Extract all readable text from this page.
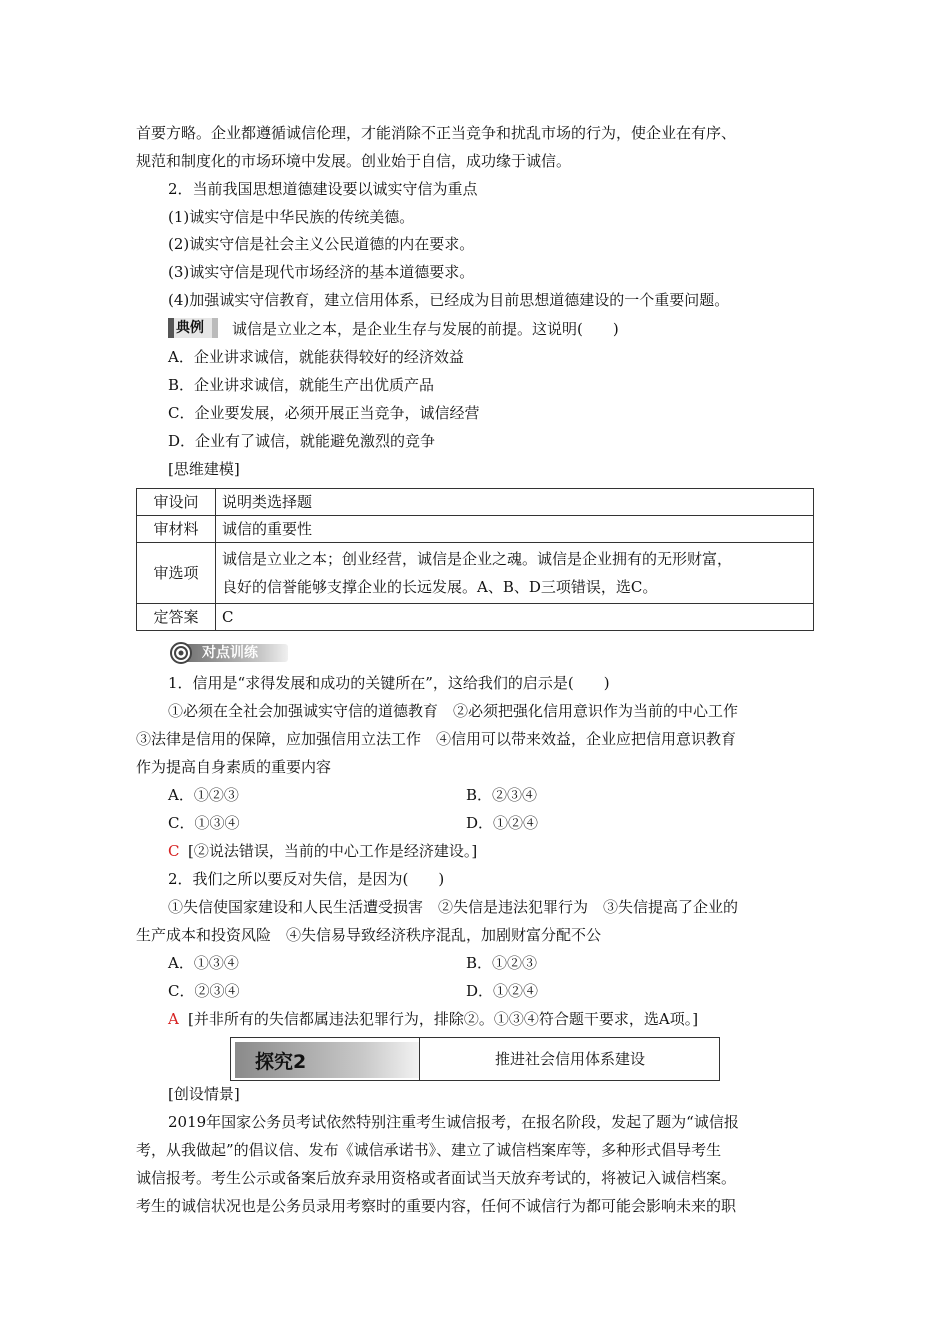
首要方略。企业都遵循诚信伦理，才能消除不正当竞争和扰乱市场的行为，使企业在有序、
规范和制度化的市场环境中发展。创业始于自信，成功缘于诚信。
2．当前我国思想道德建设要以诚实守信为重点
(1)诚实守信是中华民族的传统美德。
(2)诚实守信是社会主义公民道德的内在要求。
(3)诚实守信是现代市场经济的基本道德要求。
(4)加强诚实守信教育，建立信用体系，已经成为目前思想道德建设的一个重要问题。
典例 诚信是立业之本，是企业生存与发展的前提。这说明(　　)
A．企业讲求诚信，就能获得较好的经济效益
B．企业讲求诚信，就能生产出优质产品
C．企业要发展，必须开展正当竞争，诚信经营
D．企业有了诚信，就能避免激烈的竞争
[思维建模]
审设问	说明类选择题
审材料	诚信的重要性
审选项	诚信是立业之本；创业经营，诚信是企业之魂。诚信是企业拥有的无形财富，
良好的信誉能够支撑企业的长远发展。A、B、D三项错误，选C。

定答案	C
对点训练
1．信用是“求得发展和成功的关键所在”，这给我们的启示是(　　)
①必须在全社会加强诚实守信的道德教育　②必须把强化信用意识作为当前的中心工作
③法律是信用的保障，应加强信用立法工作　④信用可以带来效益，企业应把信用意识教育
作为提高自身素质的重要内容
A．①②③	B．②③④
C．①③④	D．①②④
C [②说法错误，当前的中心工作是经济建设。]
2．我们之所以要反对失信，是因为(　　)
①失信使国家建设和人民生活遭受损害　②失信是违法犯罪行为　③失信提高了企业的
生产成本和投资风险　④失信易导致经济秩序混乱，加剧财富分配不公
A．①③④	B．①②③
C．②③④	D．①②④
A [并非所有的失信都属违法犯罪行为，排除②。①③④符合题干要求，选A项。]
探究2	推进社会信用体系建设
[创设情景]
2019年国家公务员考试依然特别注重考生诚信报考，在报名阶段，发起了题为“诚信报
考，从我做起”的倡议信、发布《诚信承诺书》、建立了诚信档案库等，多种形式倡导考生
诚信报考。考生公示或备案后放弃录用资格或者面试当天放弃考试的，将被记入诚信档案。
考生的诚信状况也是公务员录用考察时的重要内容，任何不诚信行为都可能会影响未来的职
